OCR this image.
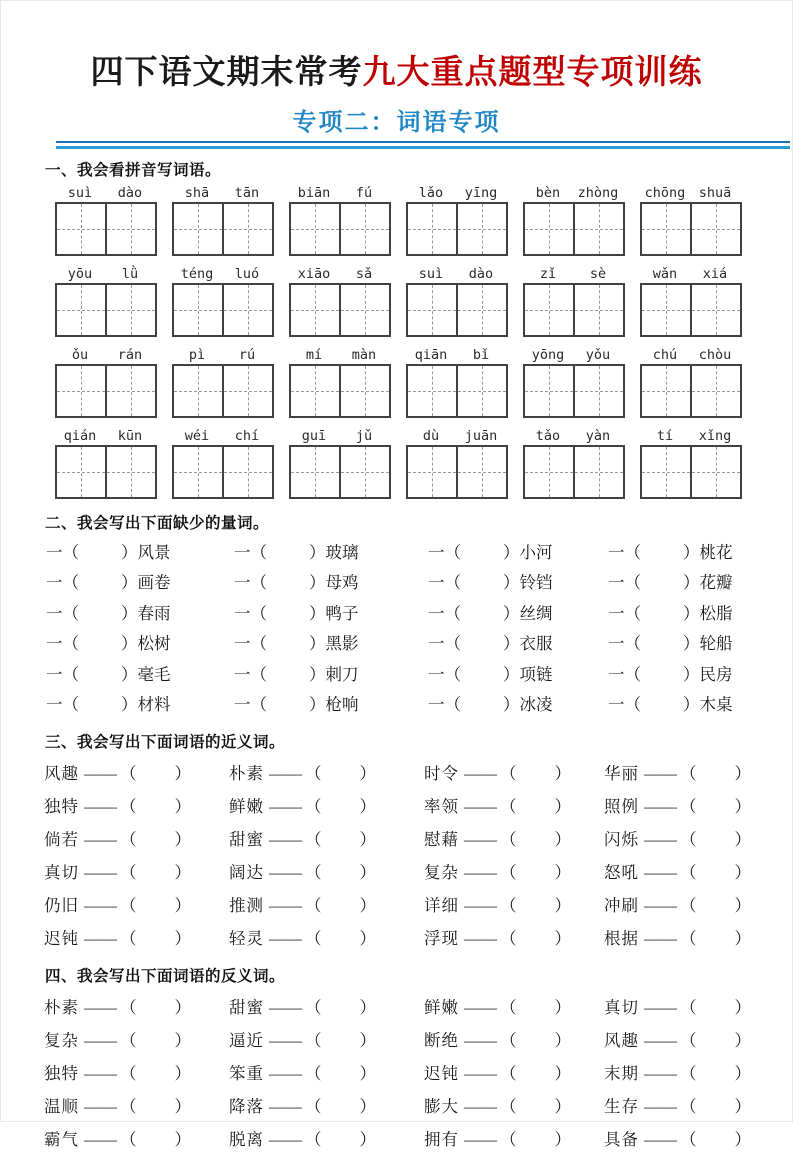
四下语文期末常考九大重点题型专项训练
专项二：词语专项
一、我会看拼音写词语。
suì	dào	shā	tān	biān	fú	lǎo	yīng	bèn	zhòng	chōng shuā
yōu	lǜ	téng	luó	xiāo	sǎ	suì	dào	zǐ	sè	wǎn	xiá
ǒu	rán	pì	rú	mí	màn	qiān	bǐ	yōng	yǒu	chú	chòu
qián	kūn	wéi	chí	guī	jǔ	dù	juān	tǎo	yàn	tí	xǐng
二、我会写出下面缺少的量词。
一（	）风景	一（	）玻璃	一（	）小河	一（	）桃花
一（	）画卷	一（	）母鸡	一（	）铃铛	一（	）花瓣
一（	）春雨	一（	）鸭子	一（	）丝绸	一（	）松脂
一（	）松树	一（	）黑影	一（	）衣服	一（	）轮船
一（	）毫毛	一（	）刺刀	一（	）项链	一（	）民房
一（	）材料	一（	）枪响	一（	）冰凌	一（	）木桌
三、我会写出下面词语的近义词。
风趣 —— （ ）	朴素 —— （ ）	时令 —— （ ）	华丽 —— （ ）
独特 —— （ ）	鲜嫩 —— （ ）	率领 —— （ ）	照例 —— （ ）
倘若 —— （ ）	甜蜜 —— （ ）	慰藉 —— （ ）	闪烁 —— （ ）
真切 —— （ ）	阔达 —— （ ）	复杂 —— （ ）	怒吼 —— （ ）
仍旧 —— （ ）	推测 —— （ ）	详细 —— （ ）	冲刷 —— （ ）
迟钝 —— （ ）	轻灵 —— （ ）	浮现 —— （ ）	根据 —— （ ）
四、我会写出下面词语的反义词。
朴素 —— （ ）	甜蜜 —— （ ）	鲜嫩 —— （ ）	真切 —— （ ）
复杂 —— （ ）	逼近 —— （ ）	断绝 —— （ ）	风趣 —— （ ）
独特 —— （ ）	笨重 —— （ ）	迟钝 —— （ ）	末期 —— （ ）
温顺 —— （ ）	降落 —— （ ）	膨大 —— （ ）	生存 —— （ ）
霸气 —— （ ）	脱离 —— （ ）	拥有 —— （ ）	具备 —— （ ）
